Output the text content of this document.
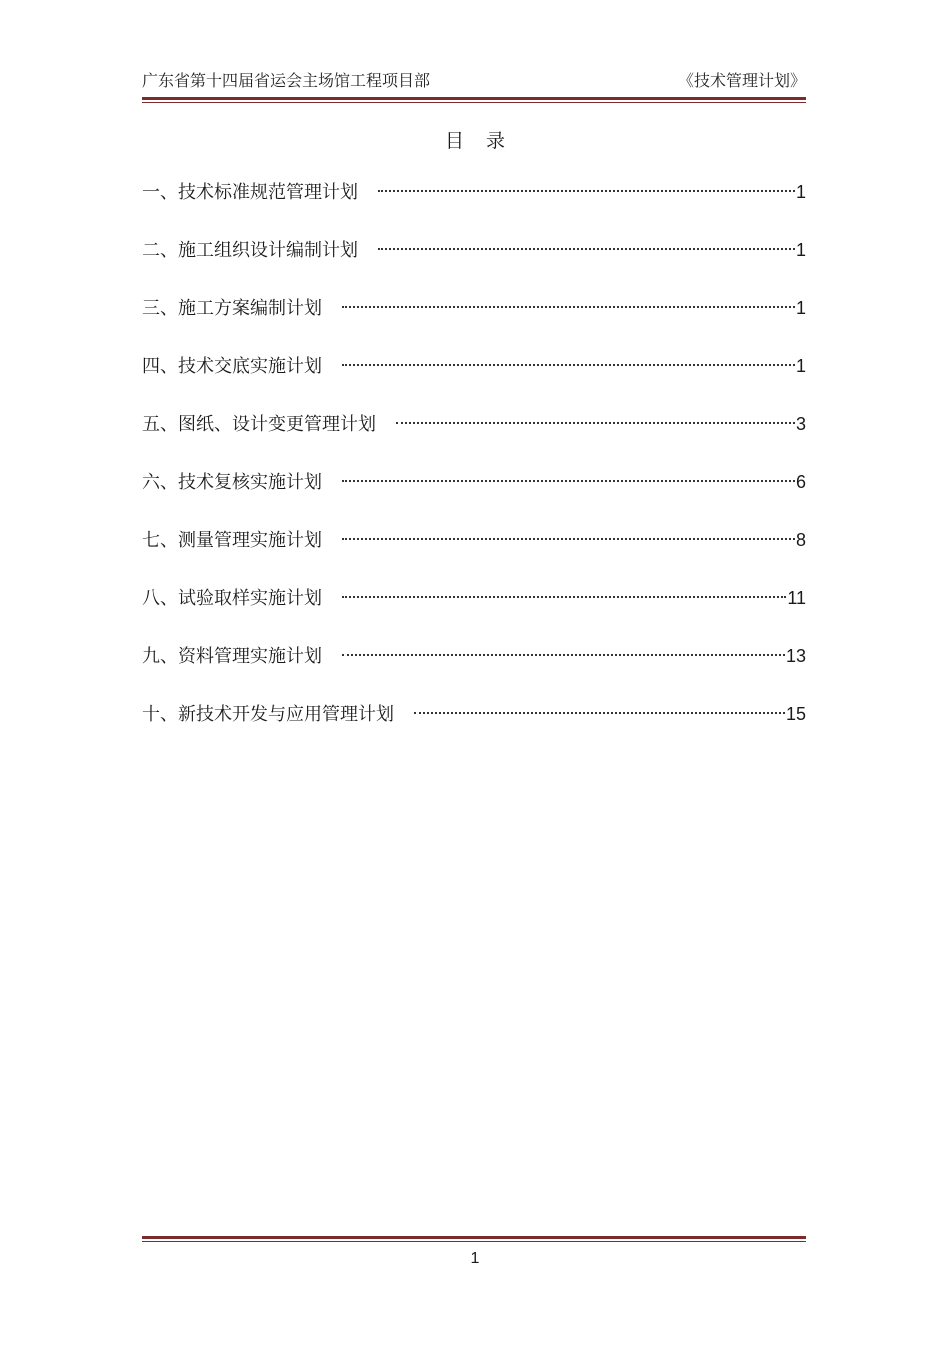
广东省第十四届省运会主场馆工程项目部	《技术管理计划》
目录
一、技术标准规范管理计划	1
二、施工组织设计编制计划	1
三、施工方案编制计划	1
四、技术交底实施计划	1
五、图纸、设计变更管理计划	3
六、技术复核实施计划	6
七、测量管理实施计划	8
八、试验取样实施计划	11
九、资料管理实施计划	13
十、新技术开发与应用管理计划	15
1
